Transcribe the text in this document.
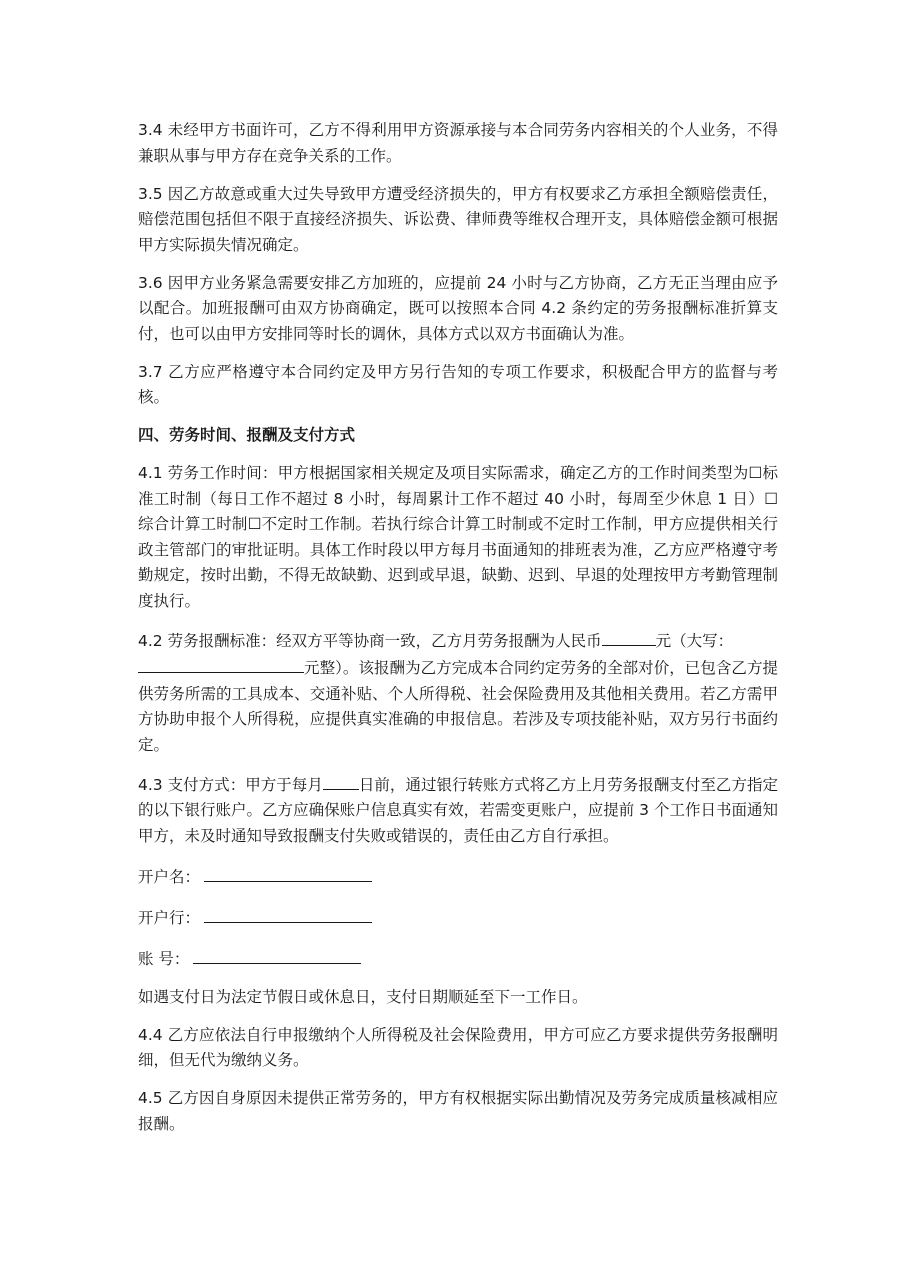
3.4 未经甲方书面许可，乙方不得利用甲方资源承接与本合同劳务内容相关的个人业务，不得兼职从事与甲方存在竞争关系的工作。

3.5 因乙方故意或重大过失导致甲方遭受经济损失的，甲方有权要求乙方承担全额赔偿责任，赔偿范围包括但不限于直接经济损失、诉讼费、律师费等维权合理开支，具体赔偿金额可根据甲方实际损失情况确定。

3.6 因甲方业务紧急需要安排乙方加班的，应提前 24 小时与乙方协商，乙方无正当理由应予以配合。加班报酬可由双方协商确定，既可以按照本合同 4.2 条约定的劳务报酬标准折算支付，也可以由甲方安排同等时长的调休，具体方式以双方书面确认为准。

3.7 乙方应严格遵守本合同约定及甲方另行告知的专项工作要求，积极配合甲方的监督与考核。

四、劳务时间、报酬及支付方式

4.1 劳务工作时间：甲方根据国家相关规定及项目实际需求，确定乙方的工作时间类型为☐标准工时制（每日工作不超过 8 小时，每周累计工作不超过 40 小时，每周至少休息 1 日）☐综合计算工时制☐不定时工作制。若执行综合计算工时制或不定时工作制，甲方应提供相关行政主管部门的审批证明。具体工作时段以甲方每月书面通知的排班表为准，乙方应严格遵守考勤规定，按时出勤，不得无故缺勤、迟到或早退，缺勤、迟到、早退的处理按甲方考勤管理制度执行。

4.2 劳务报酬标准：经双方平等协商一致，乙方月劳务报酬为人民币	元（大写：
元整）。该报酬为乙方完成本合同约定劳务的全部对价，已包含乙方提供劳务所需的工具成本、交通补贴、个人所得税、社会保险费用及其他相关费用。若乙方需甲方协助申报个人所得税，应提供真实准确的申报信息。若涉及专项技能补贴，双方另行书面约定。

4.3 支付方式：甲方于每月 日前，通过银行转账方式将乙方上月劳务报酬支付至乙方指定的以下银行账户。乙方应确保账户信息真实有效，若需变更账户，应提前 3 个工作日书面通知甲方，未及时通知导致报酬支付失败或错误的，责任由乙方自行承担。

开户名：
开户行：
账 号：

如遇支付日为法定节假日或休息日，支付日期顺延至下一工作日。

4.4 乙方应依法自行申报缴纳个人所得税及社会保险费用，甲方可应乙方要求提供劳务报酬明细，但无代为缴纳义务。

4.5 乙方因自身原因未提供正常劳务的，甲方有权根据实际出勤情况及劳务完成质量核减相应报酬。
